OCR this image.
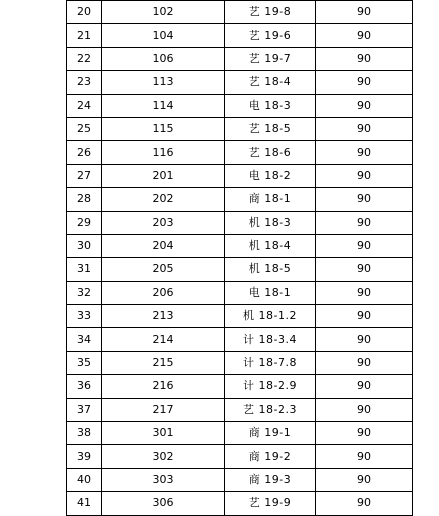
20	102	艺 19-8	90
21	104	艺 19-6	90
22	106	艺 19-7	90
23	113	艺 18-4	90
24	114	电 18-3	90
25	115	艺 18-5	90
26	116	艺 18-6	90
27	201	电 18-2	90
28	202	商 18-1	90
29	203	机 18-3	90
30	204	机 18-4	90
31	205	机 18-5	90
32	206	电 18-1	90
33	213	机 18-1.2	90
34	214	计 18-3.4	90
35	215	计 18-7.8	90
36	216	计 18-2.9	90
37	217	艺 18-2.3	90
38	301	商 19-1	90
39	302	商 19-2	90
40	303	商 19-3	90
41	306	艺 19-9	90
